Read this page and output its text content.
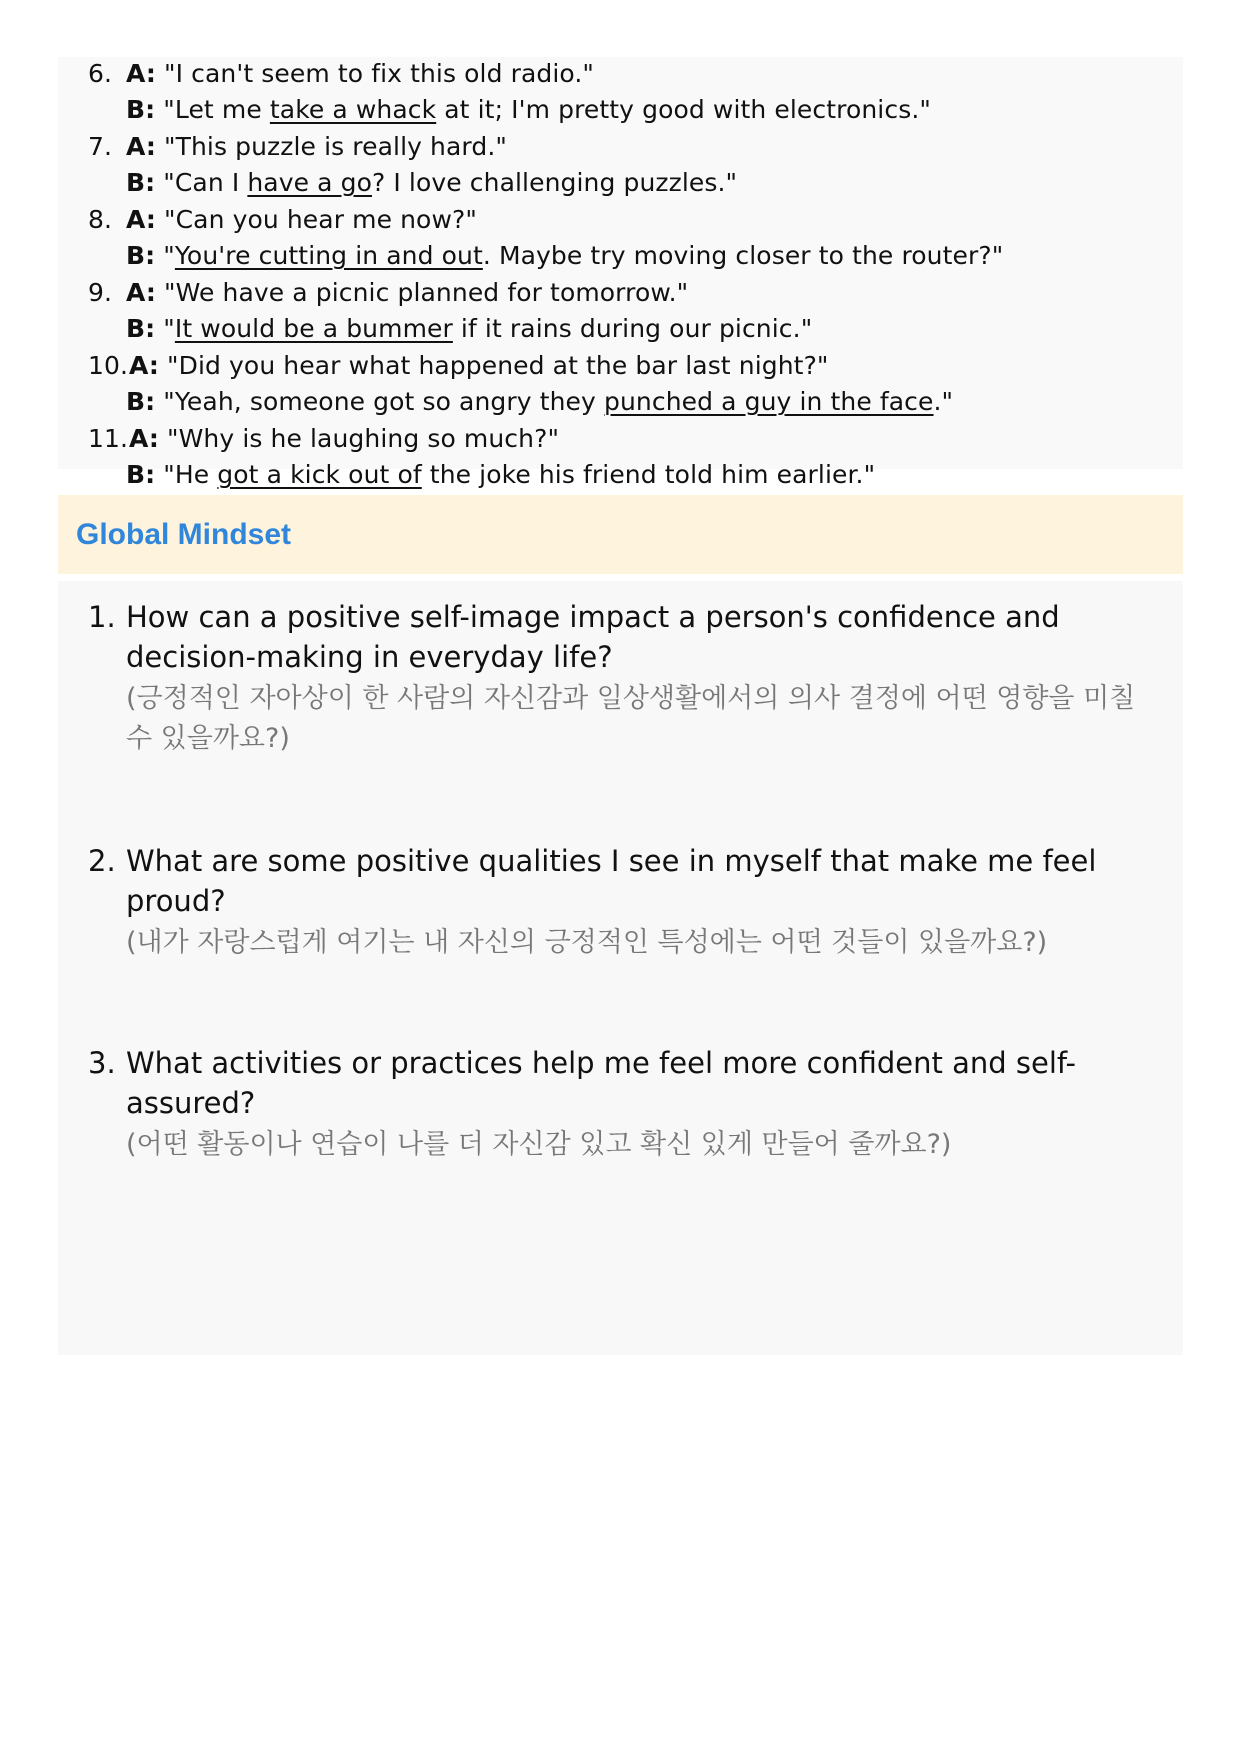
6. A: "I can't seem to fix this old radio."
B: "Let me take a whack at it; I'm pretty good with electronics."
7. A: "This puzzle is really hard."
B: "Can I have a go? I love challenging puzzles."
8. A: "Can you hear me now?"
B: "You're cutting in and out. Maybe try moving closer to the router?"
9. A: "We have a picnic planned for tomorrow."
B: "It would be a bummer if it rains during our picnic."
10. A: "Did you hear what happened at the bar last night?"
B: "Yeah, someone got so angry they punched a guy in the face."
11. A: "Why is he laughing so much?"
B: "He got a kick out of the joke his friend told him earlier."
Global Mindset
1. How can a positive self-image impact a person's confidence and decision-making in everyday life?
(긍정적인 자아상이 한 사람의 자신감과 일상생활에서의 의사 결정에 어떤 영향을 미칠 수 있을까요?)
2. What are some positive qualities I see in myself that make me feel proud?
(내가 자랑스럽게 여기는 내 자신의 긍정적인 특성에는 어떤 것들이 있을까요?)
3. What activities or practices help me feel more confident and self-assured?
(어떤 활동이나 연습이 나를 더 자신감 있고 확신 있게 만들어 줄까요?)
